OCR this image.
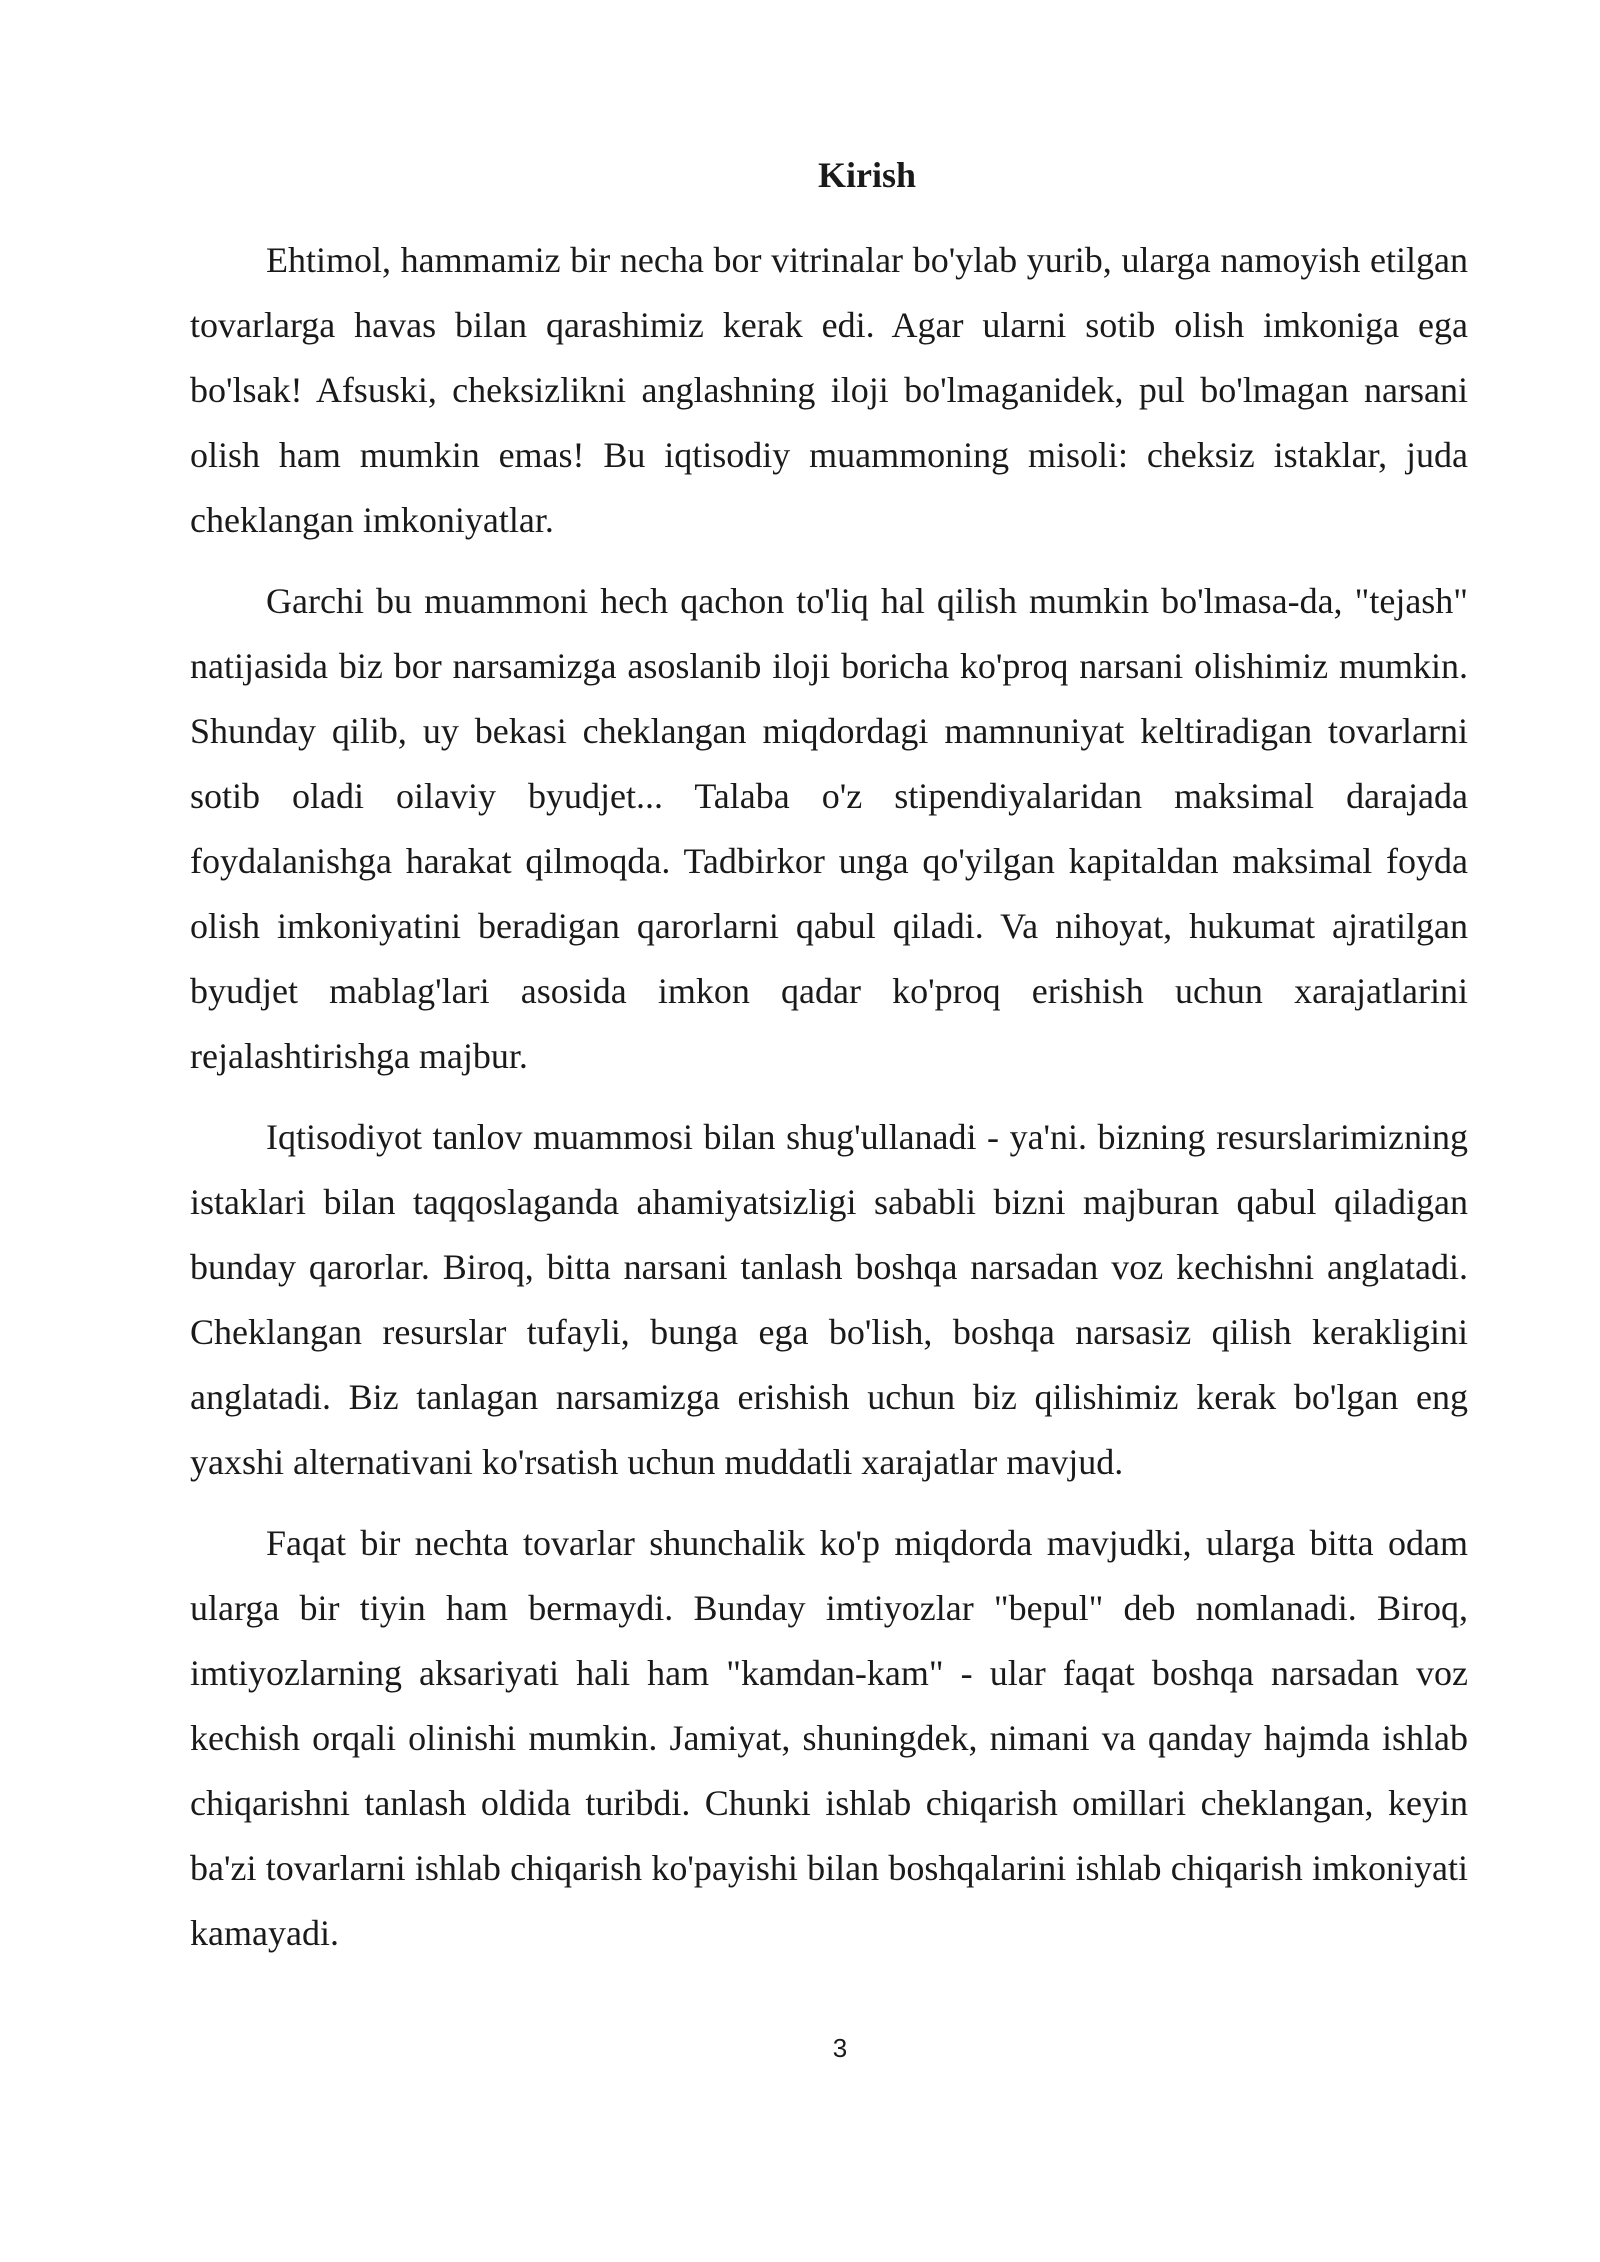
Kirish

Ehtimol, hammamiz bir necha bor vitrinalar bo'ylab yurib, ularga namoyish etilgan tovarlarga havas bilan qarashimiz kerak edi. Agar ularni sotib olish imkoniga ega bo'lsak! Afsuski, cheksizlikni anglashning iloji bo'lmaganidek, pul bo'lmagan narsani olish ham mumkin emas! Bu iqtisodiy muammoning misoli: cheksiz istaklar, juda cheklangan imkoniyatlar.

Garchi bu muammoni hech qachon to'liq hal qilish mumkin bo'lmasa-da, "tejash" natijasida biz bor narsamizga asoslanib iloji boricha ko'proq narsani olishimiz mumkin. Shunday qilib, uy bekasi cheklangan miqdordagi mamnuniyat keltiradigan tovarlarni sotib oladi oilaviy byudjet... Talaba o'z stipendiyalaridan maksimal darajada foydalanishga harakat qilmoqda. Tadbirkor unga qo'yilgan kapitaldan maksimal foyda olish imkoniyatini beradigan qarorlarni qabul qiladi. Va nihoyat, hukumat ajratilgan byudjet mablag'lari asosida imkon qadar ko'proq erishish uchun xarajatlarini rejalashtirishga majbur.

Iqtisodiyot tanlov muammosi bilan shug'ullanadi - ya'ni. bizning resurslarimizning istaklari bilan taqqoslaganda ahamiyatsizligi sababli bizni majburan qabul qiladigan bunday qarorlar. Biroq, bitta narsani tanlash boshqa narsadan voz kechishni anglatadi. Cheklangan resurslar tufayli, bunga ega bo'lish, boshqa narsasiz qilish kerakligini anglatadi. Biz tanlagan narsamizga erishish uchun biz qilishimiz kerak bo'lgan eng yaxshi alternativani ko'rsatish uchun muddatli xarajatlar mavjud.

Faqat bir nechta tovarlar shunchalik ko'p miqdorda mavjudki, ularga bitta odam ularga bir tiyin ham bermaydi. Bunday imtiyozlar "bepul" deb nomlanadi. Biroq, imtiyozlarning aksariyati hali ham "kamdan-kam" - ular faqat boshqa narsadan voz kechish orqali olinishi mumkin. Jamiyat, shuningdek, nimani va qanday hajmda ishlab chiqarishni tanlash oldida turibdi. Chunki ishlab chiqarish omillari cheklangan, keyin ba'zi tovarlarni ishlab chiqarish ko'payishi bilan boshqalarini ishlab chiqarish imkoniyati kamayadi.

3
